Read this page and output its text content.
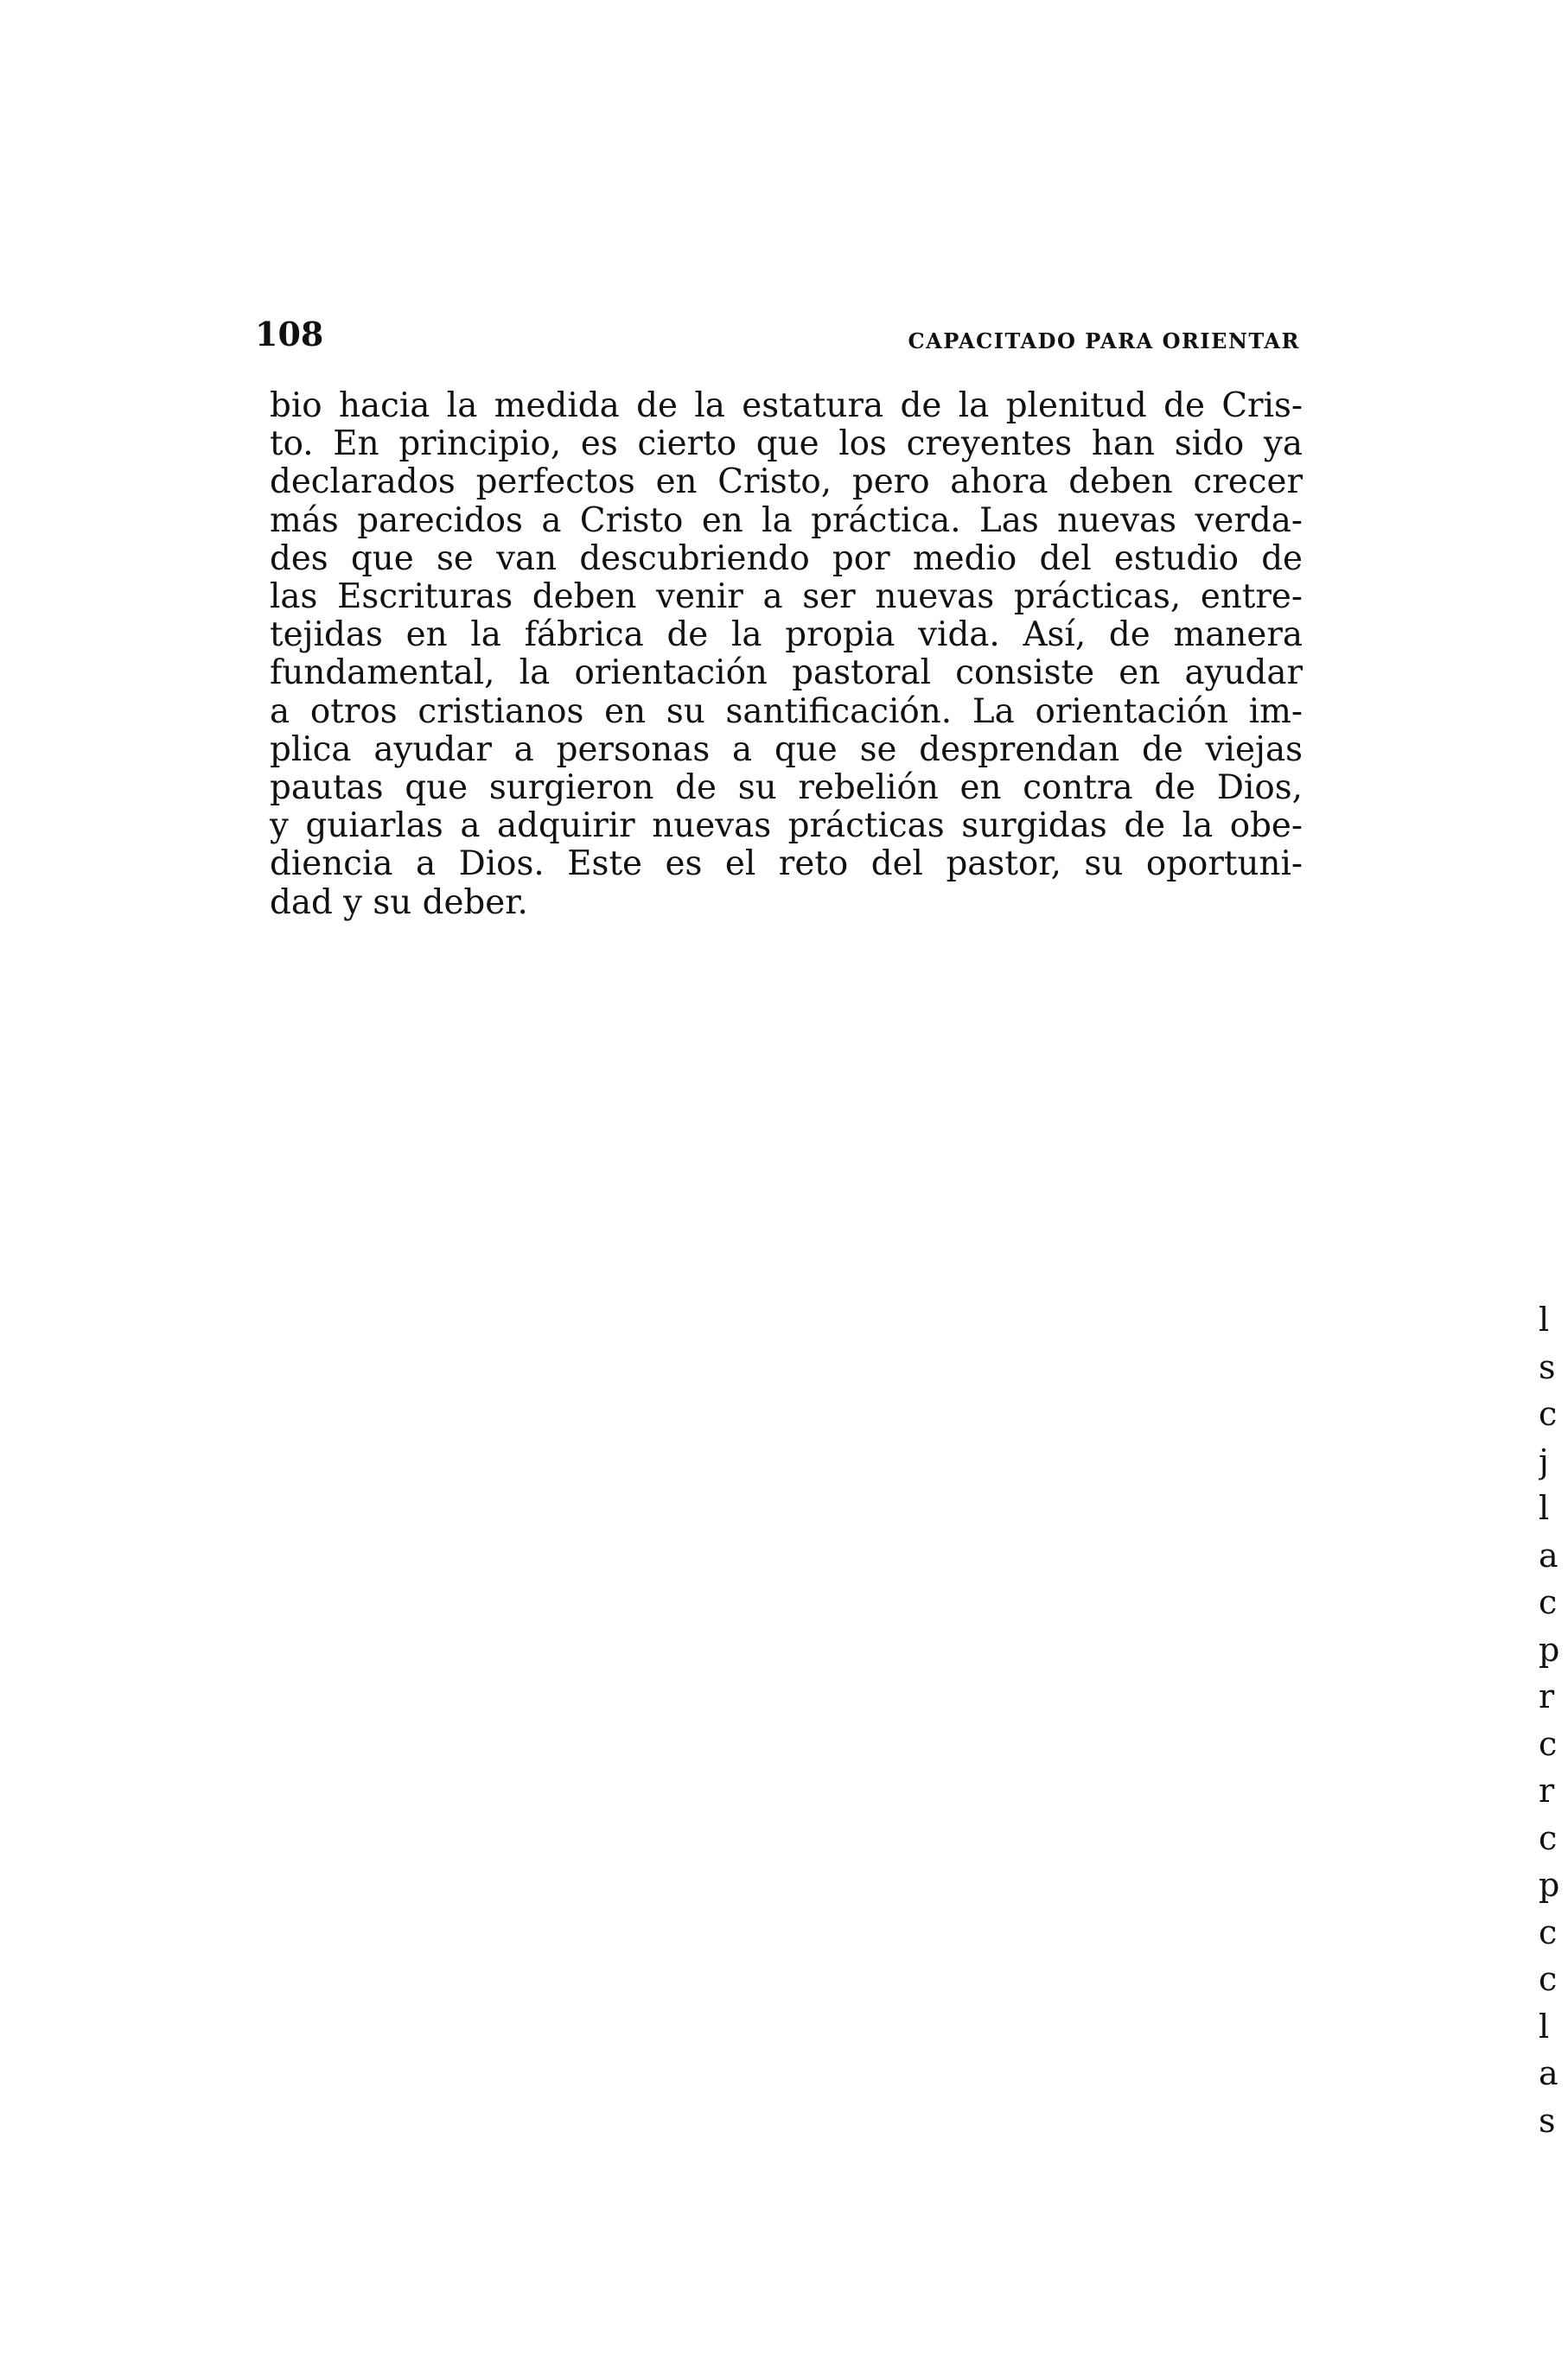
108	CAPACITADO PARA ORIENTAR
bio hacia la medida de la estatura de la plenitud de Cris-
to. En principio, es cierto que los creyentes han sido ya
declarados perfectos en Cristo, pero ahora deben crecer
más parecidos a Cristo en la práctica. Las nuevas verda-
des que se van descubriendo por medio del estudio de
las Escrituras deben venir a ser nuevas prácticas, entre-
tejidas en la fábrica de la propia vida. Así, de manera
fundamental, la orientación pastoral consiste en ayudar
a otros cristianos en su santificación. La orientación im-
plica ayudar a personas a que se desprendan de viejas
pautas que surgieron de su rebelión en contra de Dios,
y guiarlas a adquirir nuevas prácticas surgidas de la obe-
diencia a Dios. Este es el reto del pastor, su oportuni-
dad y su deber.
l
s
c
j
l
a
c
p
r
c
r
c
p
c
c
l
a
s
